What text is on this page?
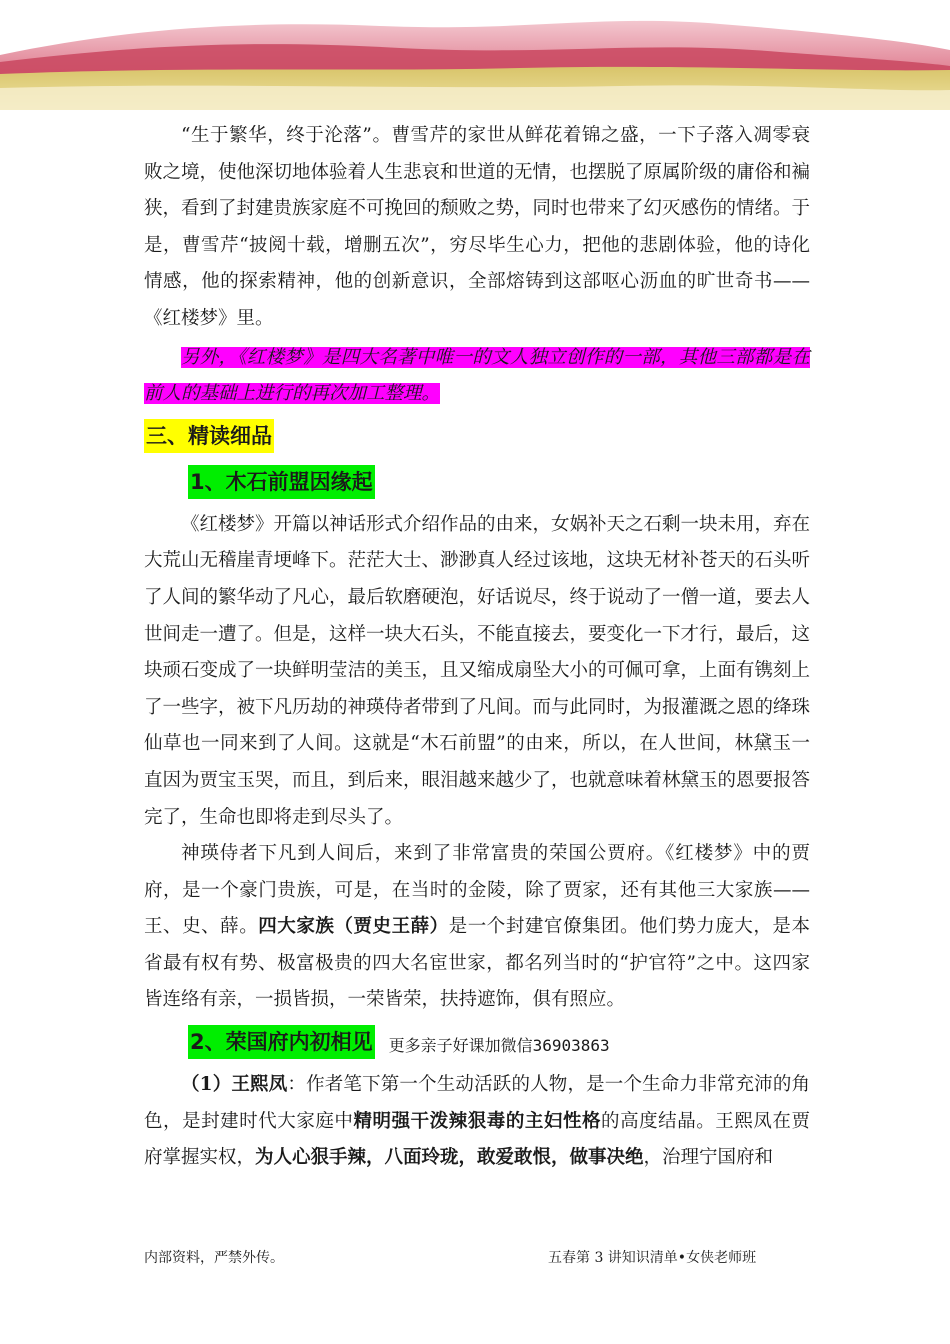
“生于繁华，终于沦落”。曹雪芹的家世从鲜花着锦之盛，一下子落入凋零衰败之境，使他深切地体验着人生悲哀和世道的无情，也摆脱了原属阶级的庸俗和褊狭，看到了封建贵族家庭不可挽回的颓败之势，同时也带来了幻灭感伤的情绪。于是，曹雪芹“披阅十载，增删五次”，穷尽毕生心力，把他的悲剧体验，他的诗化情感，他的探索精神，他的创新意识，全部熔铸到这部呕心沥血的旷世奇书——《红楼梦》里。

另外，《红楼梦》是四大名著中唯一的文人独立创作的一部，其他三部都是在前人的基础上进行的再次加工整理。

三、精读细品
1、木石前盟因缘起

《红楼梦》开篇以神话形式介绍作品的由来，女娲补天之石剩一块未用，弃在大荒山无稽崖青埂峰下。茫茫大士、渺渺真人经过该地，这块无材补苍天的石头听了人间的繁华动了凡心，最后软磨硬泡，好话说尽，终于说动了一僧一道，要去人世间走一遭了。但是，这样一块大石头，不能直接去，要变化一下才行，最后，这块顽石变成了一块鲜明莹洁的美玉，且又缩成扇坠大小的可佩可拿，上面有镌刻上了一些字，被下凡历劫的神瑛侍者带到了凡间。而与此同时，为报灌溉之恩的绛珠仙草也一同来到了人间。这就是“木石前盟”的由来，所以，在人世间，林黛玉一直因为贾宝玉哭，而且，到后来，眼泪越来越少了，也就意味着林黛玉的恩要报答完了，生命也即将走到尽头了。

神瑛侍者下凡到人间后，来到了非常富贵的荣国公贾府。《红楼梦》中的贾府，是一个豪门贵族，可是，在当时的金陵，除了贾家，还有其他三大家族——王、史、薛。四大家族（贾史王薛）是一个封建官僚集团。他们势力庞大，是本省最有权有势、极富极贵的四大名宦世家，都名列当时的“护官符”之中。这四家皆连络有亲，一损皆损，一荣皆荣，扶持遮饰，俱有照应。

2、荣国府内初相见 更多亲子好课加微信36903863

（1）王熙凤：作者笔下第一个生动活跃的人物，是一个生命力非常充沛的角色，是封建时代大家庭中精明强干泼辣狠毒的主妇性格的高度结晶。王熙凤在贾府掌握实权，为人心狠手辣，八面玲珑，敢爱敢恨，做事决绝，治理宁国府和

内部资料，严禁外传。	五春第 3 讲知识清单•女侠老师班
